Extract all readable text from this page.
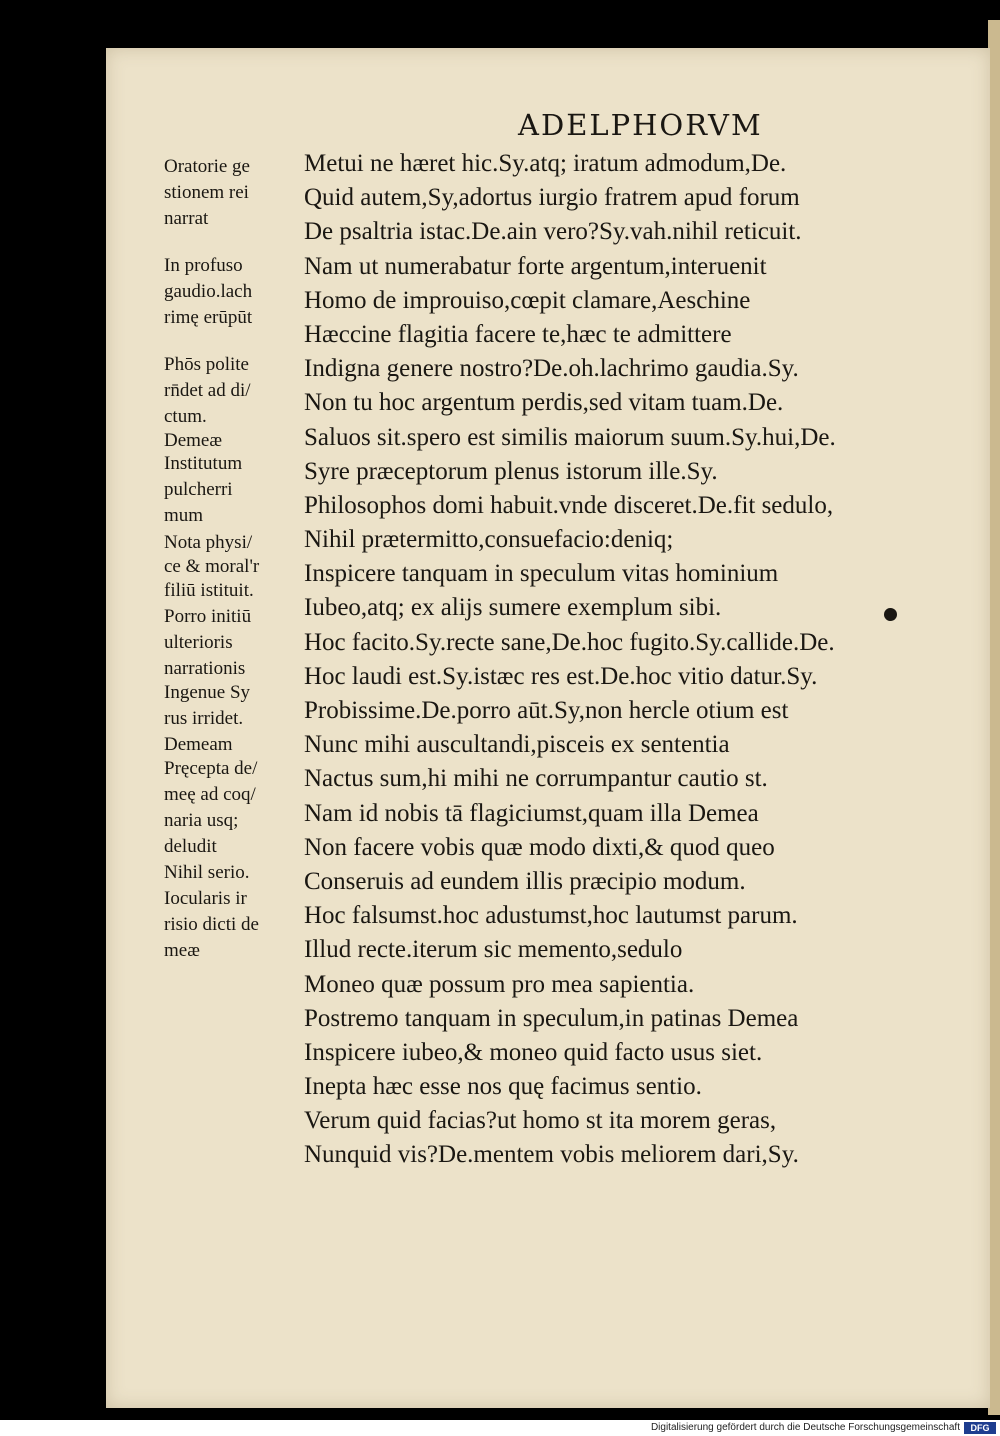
ADELPHORVM
Oratorie ge
stionem rei
narrat
In profuso
gaudio.lach
rimę erūpūt
Phōs polite
rn̄det ad di/
ctum.
Demeæ
Institutum
pulcherri
mum
Nota physi/
ce & moral'r
filiū istituit.
Porro initiū
ulterioris
narrationis
Ingenue Sy
rus irridet.
Demeam
Pręcepta de/
meę ad coq/
naria usq;
deludit
Nihil serio.
Iocularis ir
risio dicti de
meæ
Metui ne hæret hic.Sy.atq; iratum admodum,De.
Quid autem,Sy,adortus iurgio fratrem apud forum
De psaltria istac.De.ain vero?Sy.vah.nihil reticuit.
Nam ut numerabatur forte argentum,interuenit
Homo de improuiso,cœpit clamare,Aeschine
Hæccine flagitia facere te,hæc te admittere
Indigna genere nostro?De.oh.lachrimo gaudia.Sy.
Non tu hoc argentum perdis,sed vitam tuam.De.
Saluos sit.spero est similis maiorum suum.Sy.hui,De.
Syre præceptorum plenus istorum ille.Sy.
Philosophos domi habuit.vnde disceret.De.fit sedulo,
Nihil prætermitto,consuefacio:deniq;
Inspicere tanquam in speculum vitas hominium
Iubeo,atq; ex alijs sumere exemplum sibi.
Hoc facito.Sy.recte sane,De.hoc fugito.Sy.callide.De.
Hoc laudi est.Sy.istæc res est.De.hoc vitio datur.Sy.
Probissime.De.porro aūt.Sy,non hercle otium est
Nunc mihi auscultandi,pisceis ex sententia
Nactus sum,hi mihi ne corrumpantur cautio st.
Nam id nobis tā flagiciumst,quam illa Demea
Non facere vobis quæ modo dixti,& quod queo
Conseruis ad eundem illis præcipio modum.
Hoc falsumst.hoc adustumst,hoc lautumst parum.
Illud recte.iterum sic memento,sedulo
Moneo quæ possum pro mea sapientia.
Postremo tanquam in speculum,in patinas Demea
Inspicere iubeo,& moneo quid facto usus siet.
Inepta hæc esse nos quę facimus sentio.
Verum quid facias?ut homo st ita morem geras,
Nunquid vis?De.mentem vobis meliorem dari,Sy.
Digitalisierung gefördert durch die Deutsche Forschungsgemeinschaft	DFG
